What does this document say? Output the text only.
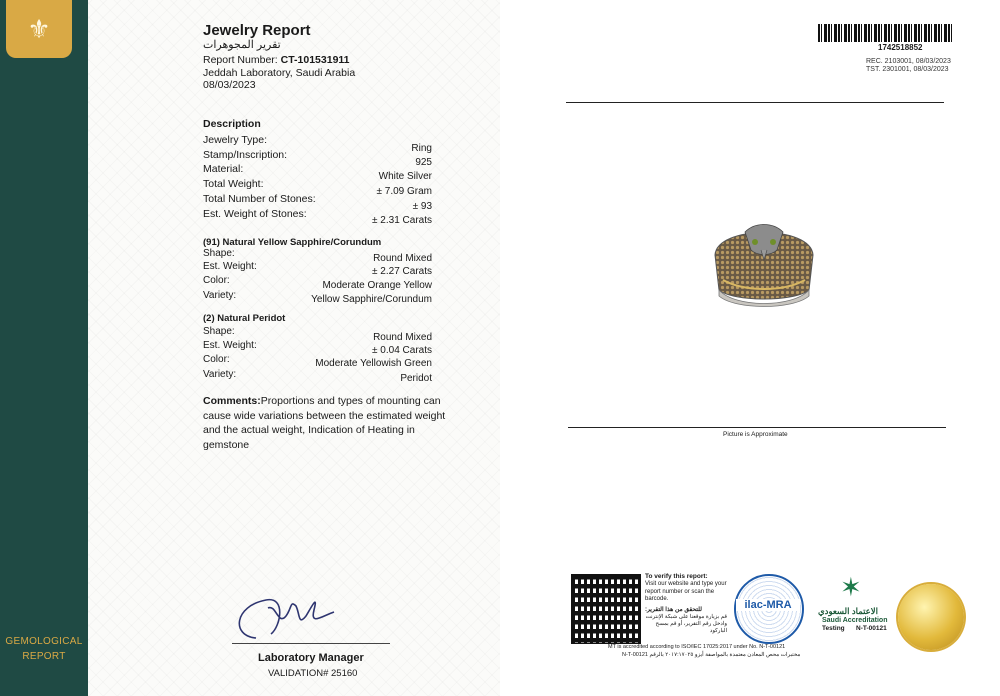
⚜
GEMOLOGICAL
REPORT
Jewelry Report
تقرير المجوهرات
Report Number: CT-101531911
Jeddah Laboratory, Saudi Arabia
08/03/2023
Description
Jewelry Type:
Ring
Stamp/Inscription:
925
Material:
White Silver
Total Weight:
± 7.09 Gram
Total Number of Stones:
± 93
Est. Weight of Stones:
± 2.31 Carats
(91) Natural Yellow Sapphire/Corundum
Shape:	Round Mixed
Est. Weight:	± 2.27 Carats
Color:	Moderate Orange Yellow
Variety:	Yellow Sapphire/Corundum
(2) Natural Peridot
Shape:
Round Mixed
Est. Weight:	± 0.04 Carats
Color:	Moderate Yellowish Green
Variety:	Peridot
Comments:Proportions and types of mounting can cause wide variations between the estimated weight and the actual weight, Indication of Heating in gemstone
Laboratory Manager
VALIDATION# 25160
1742518852
REC. 2103001, 08/03/2023
TST. 2301001, 08/03/2023
Picture is Approximate
To verify this report:
Visit our website and type your report number or scan the barcode.
للتحقق من هذا التقرير:
قم بزيارة موقعنا على شبكة الإنترنت وادخل رقم التقرير، أو قم بمسح الباركود
ilac-MRA
✶
الاعتماد السعودي
Saudi Accreditation
Testing N-T-00121
MT is accredited according to ISO/IEC 17025:2017 under No. N-T-00121
مختبرات محص المعادن معتمدة بالمواصفة أيزو ٢٠١٧:١٧٠٢٥ بالرقم N-T-00121
